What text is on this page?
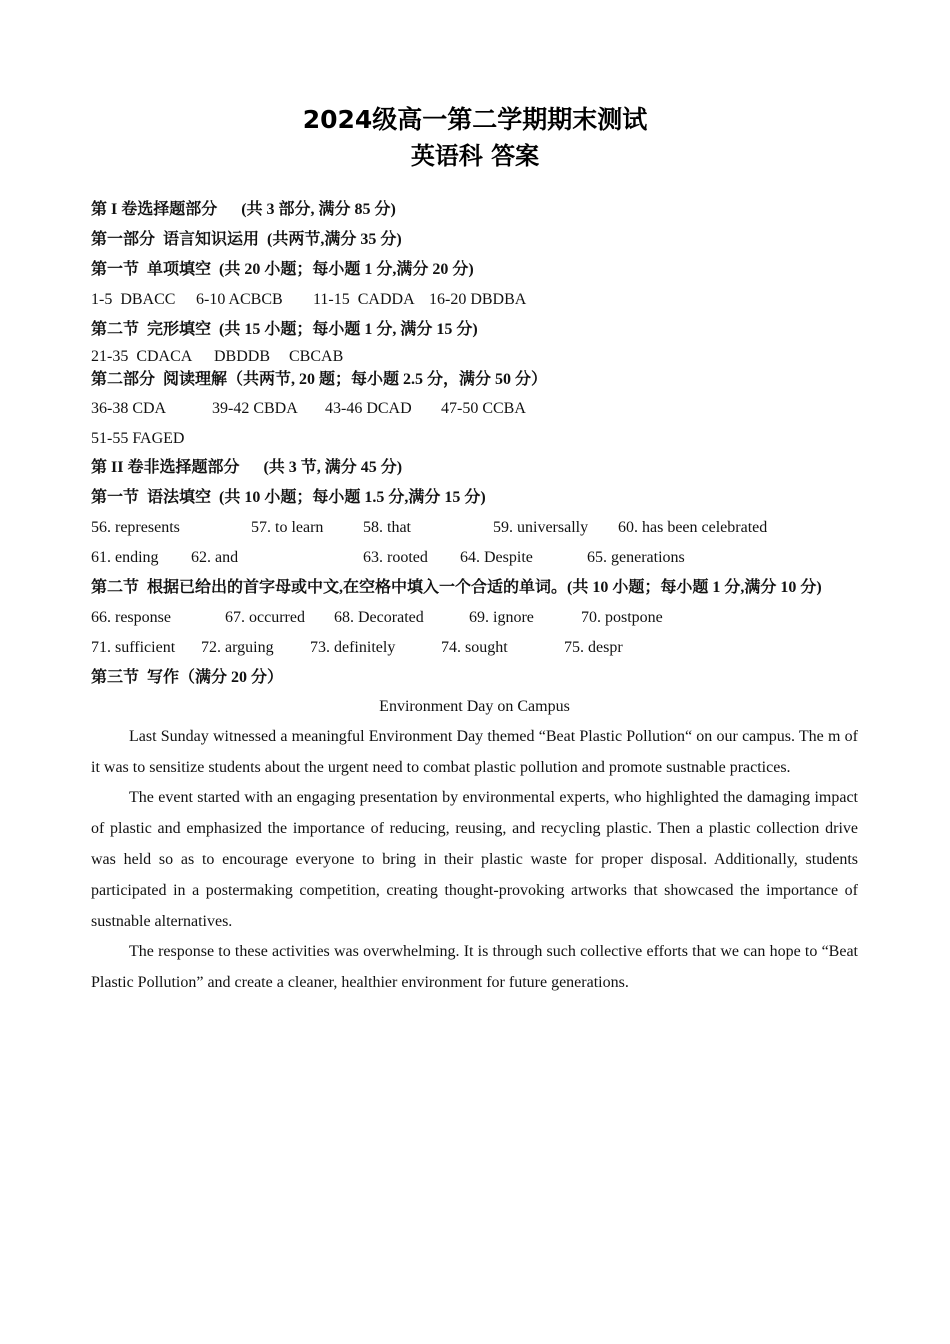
2024级高一第二学期期末测试
英语科 答案
第 I 卷选择题部分      (共 3 部分, 满分 85 分)
第一部分  语言知识运用  (共两节,满分 35 分)
第一节  单项填空  (共 20 小题；每小题 1 分,满分 20 分)
1-5  DBACC 6-10 ACBCB 11-15  CADDA 16-20 DBDBA
第二节  完形填空  (共 15 小题；每小题 1 分, 满分 15 分)
21-35  CDACA DBDDB CBCAB
第二部分  阅读理解（共两节, 20 题；每小题 2.5 分，满分 50 分）
36-38 CDA	39-42 CBDA 43-46 DCAD 47-50 CCBA
51-55 FAGED
第 II 卷非选择题部分      (共 3 节, 满分 45 分)
第一节  语法填空  (共 10 小题；每小题 1.5 分,满分 15 分)
56. represents	57. to learn 58. that	59. universally 60. has been celebrated
61. ending 62. and	63. rooted 64. Despite	65. generations
第二节  根据已给出的首字母或中文,在空格中填入一个合适的单词。(共 10 小题；每小题 1 分,满分 10 分)
66. response	67. occurred 68. Decorated	69. ignore	70. postpone
71. sufficient 72. arguing 73. definitely	74. sought	75. despr
第三节  写作（满分 20 分）
Environment Day on Campus
Last Sunday witnessed a meaningful Environment Day themed “Beat Plastic Pollution“ on our campus. The m of it was to sensitize students about the urgent need to combat plastic pollution and promote sustnable practices.
The event started with an engaging presentation by environmental experts, who highlighted the damaging impact of plastic and emphasized the importance of reducing, reusing, and recycling plastic. Then a plastic collection drive was held so as to encourage everyone to bring in their plastic waste for proper disposal. Additionally, students participated in a postermaking competition, creating thought-provoking artworks that showcased the importance of sustnable alternatives.
The response to these activities was overwhelming. It is through such collective efforts that we can hope to “Beat Plastic Pollution” and create a cleaner, healthier environment for future generations.
